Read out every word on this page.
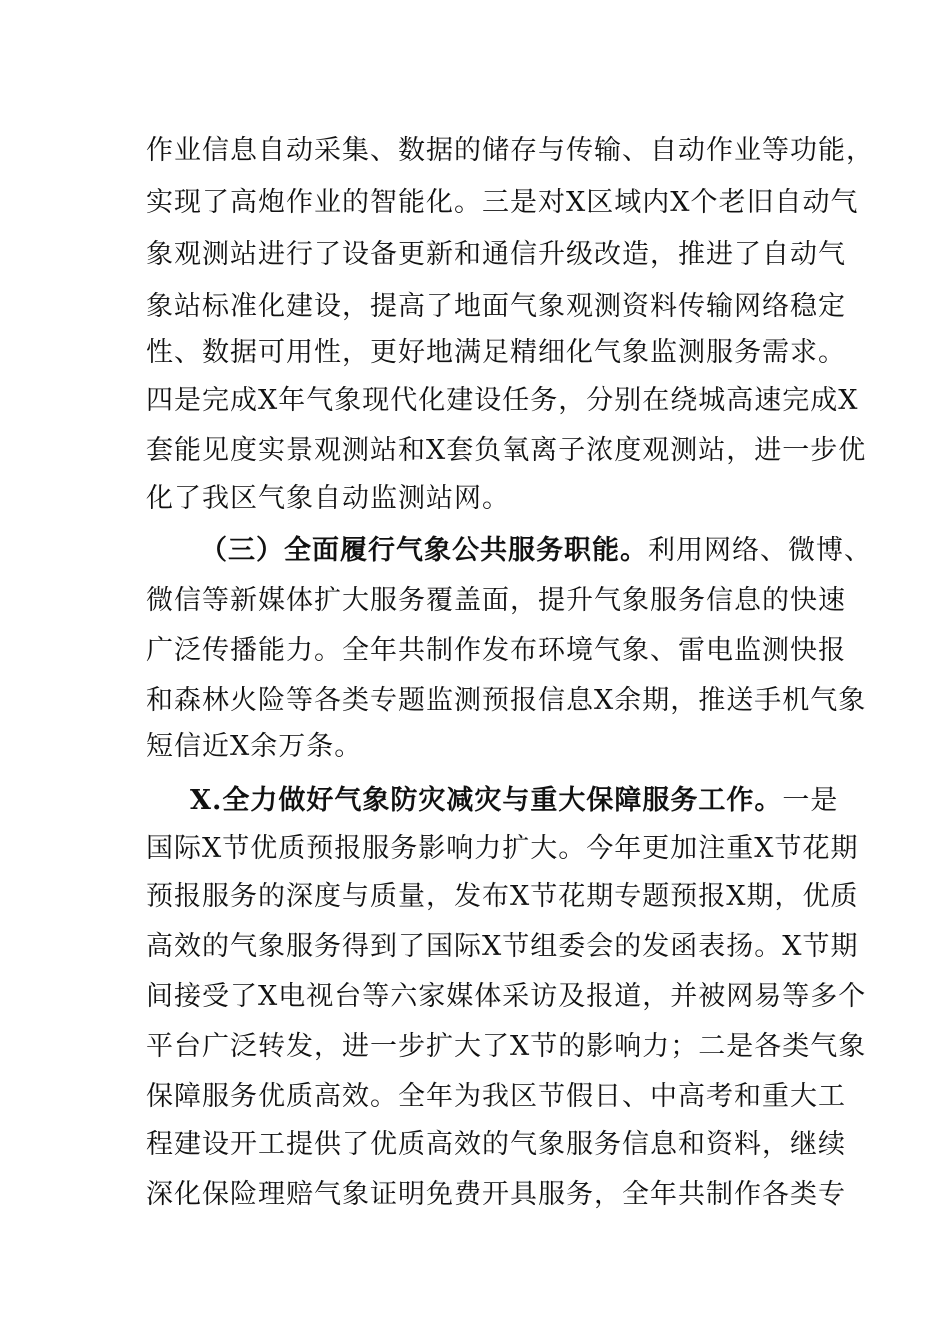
作业信息自动采集、数据的储存与传输、自动作业等功能，
实现了高炮作业的智能化。三是对X区域内X个老旧自动气
象观测站进行了设备更新和通信升级改造，推进了自动气
象站标准化建设，提高了地面气象观测资料传输网络稳定
性、数据可用性，更好地满足精细化气象监测服务需求。
四是完成X年气象现代化建设任务，分别在绕城高速完成X
套能见度实景观测站和X套负氧离子浓度观测站，进一步优
化了我区气象自动监测站网。
（三）全面履行气象公共服务职能。利用网络、微博、
微信等新媒体扩大服务覆盖面，提升气象服务信息的快速
广泛传播能力。全年共制作发布环境气象、雷电监测快报
和森林火险等各类专题监测预报信息X余期，推送手机气象
短信近X余万条。
X.全力做好气象防灾减灾与重大保障服务工作。一是
国际X节优质预报服务影响力扩大。今年更加注重X节花期
预报服务的深度与质量，发布X节花期专题预报X期，优质
高效的气象服务得到了国际X节组委会的发函表扬。X节期
间接受了X电视台等六家媒体采访及报道，并被网易等多个
平台广泛转发，进一步扩大了X节的影响力；二是各类气象
保障服务优质高效。全年为我区节假日、中高考和重大工
程建设开工提供了优质高效的气象服务信息和资料，继续
深化保险理赔气象证明免费开具服务，全年共制作各类专
